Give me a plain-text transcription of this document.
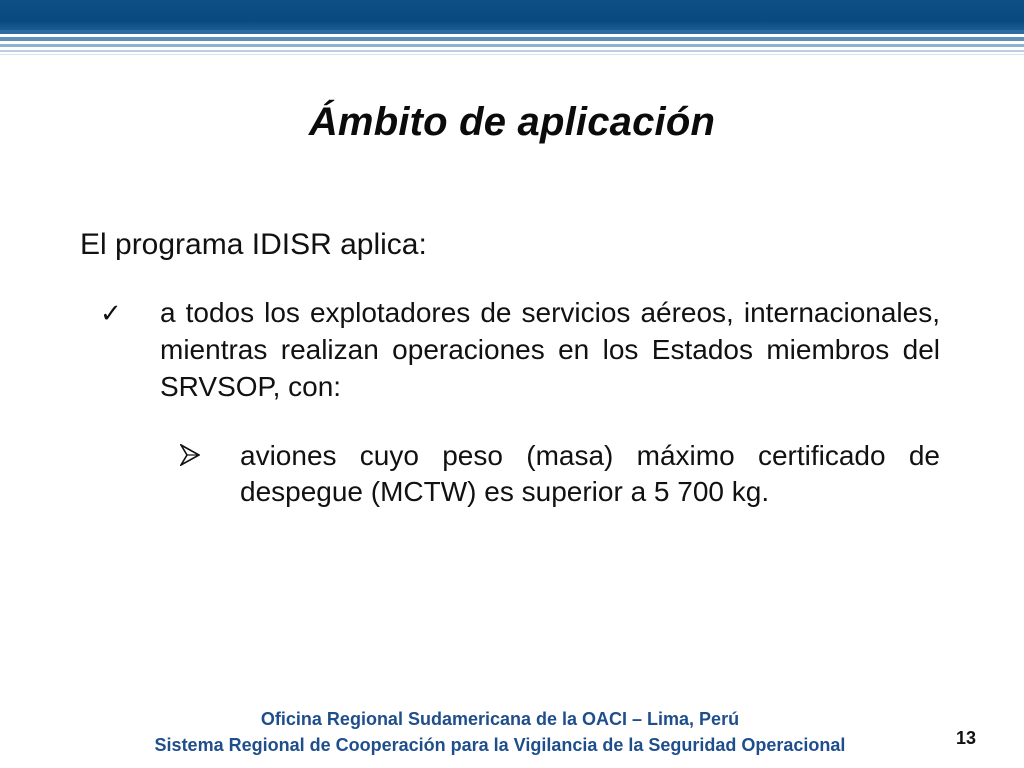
Ámbito de aplicación

El programa IDISR aplica:

✓ a todos los explotadores de servicios aéreos, internacionales, mientras realizan operaciones en los Estados miembros del SRVSOP, con:
aviones cuyo peso (masa) máximo certificado de despegue (MCTW) es superior a 5 700 kg.
Oficina Regional Sudamericana de la OACI – Lima, Perú
Sistema Regional de Cooperación para la Vigilancia de la Seguridad Operacional	13
